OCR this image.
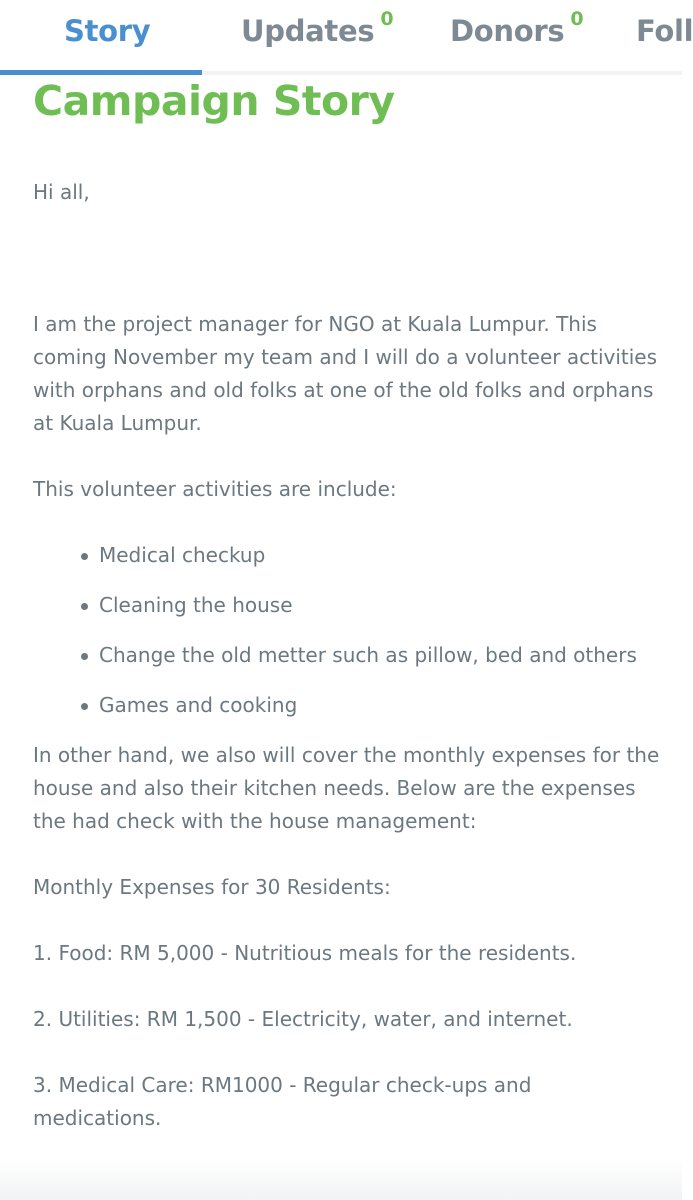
Story	Updates 0 Donors 0 Foll
Campaign Story

Hi all,

I am the project manager for NGO at Kuala Lumpur. This coming November my team and I will do a volunteer activities with orphans and old folks at one of the old folks and orphans at Kuala Lumpur.

This volunteer activities are include:

Medical checkup
Cleaning the house
Change the old metter such as pillow, bed and others
Games and cooking

In other hand, we also will cover the monthly expenses for the house and also their kitchen needs. Below are the expenses the had check with the house management:

Monthly Expenses for 30 Residents:

1. Food: RM 5,000 - Nutritious meals for the residents.

2. Utilities: RM 1,500 - Electricity, water, and internet.

3. Medical Care: RM1000 - Regular check-ups and medications.
